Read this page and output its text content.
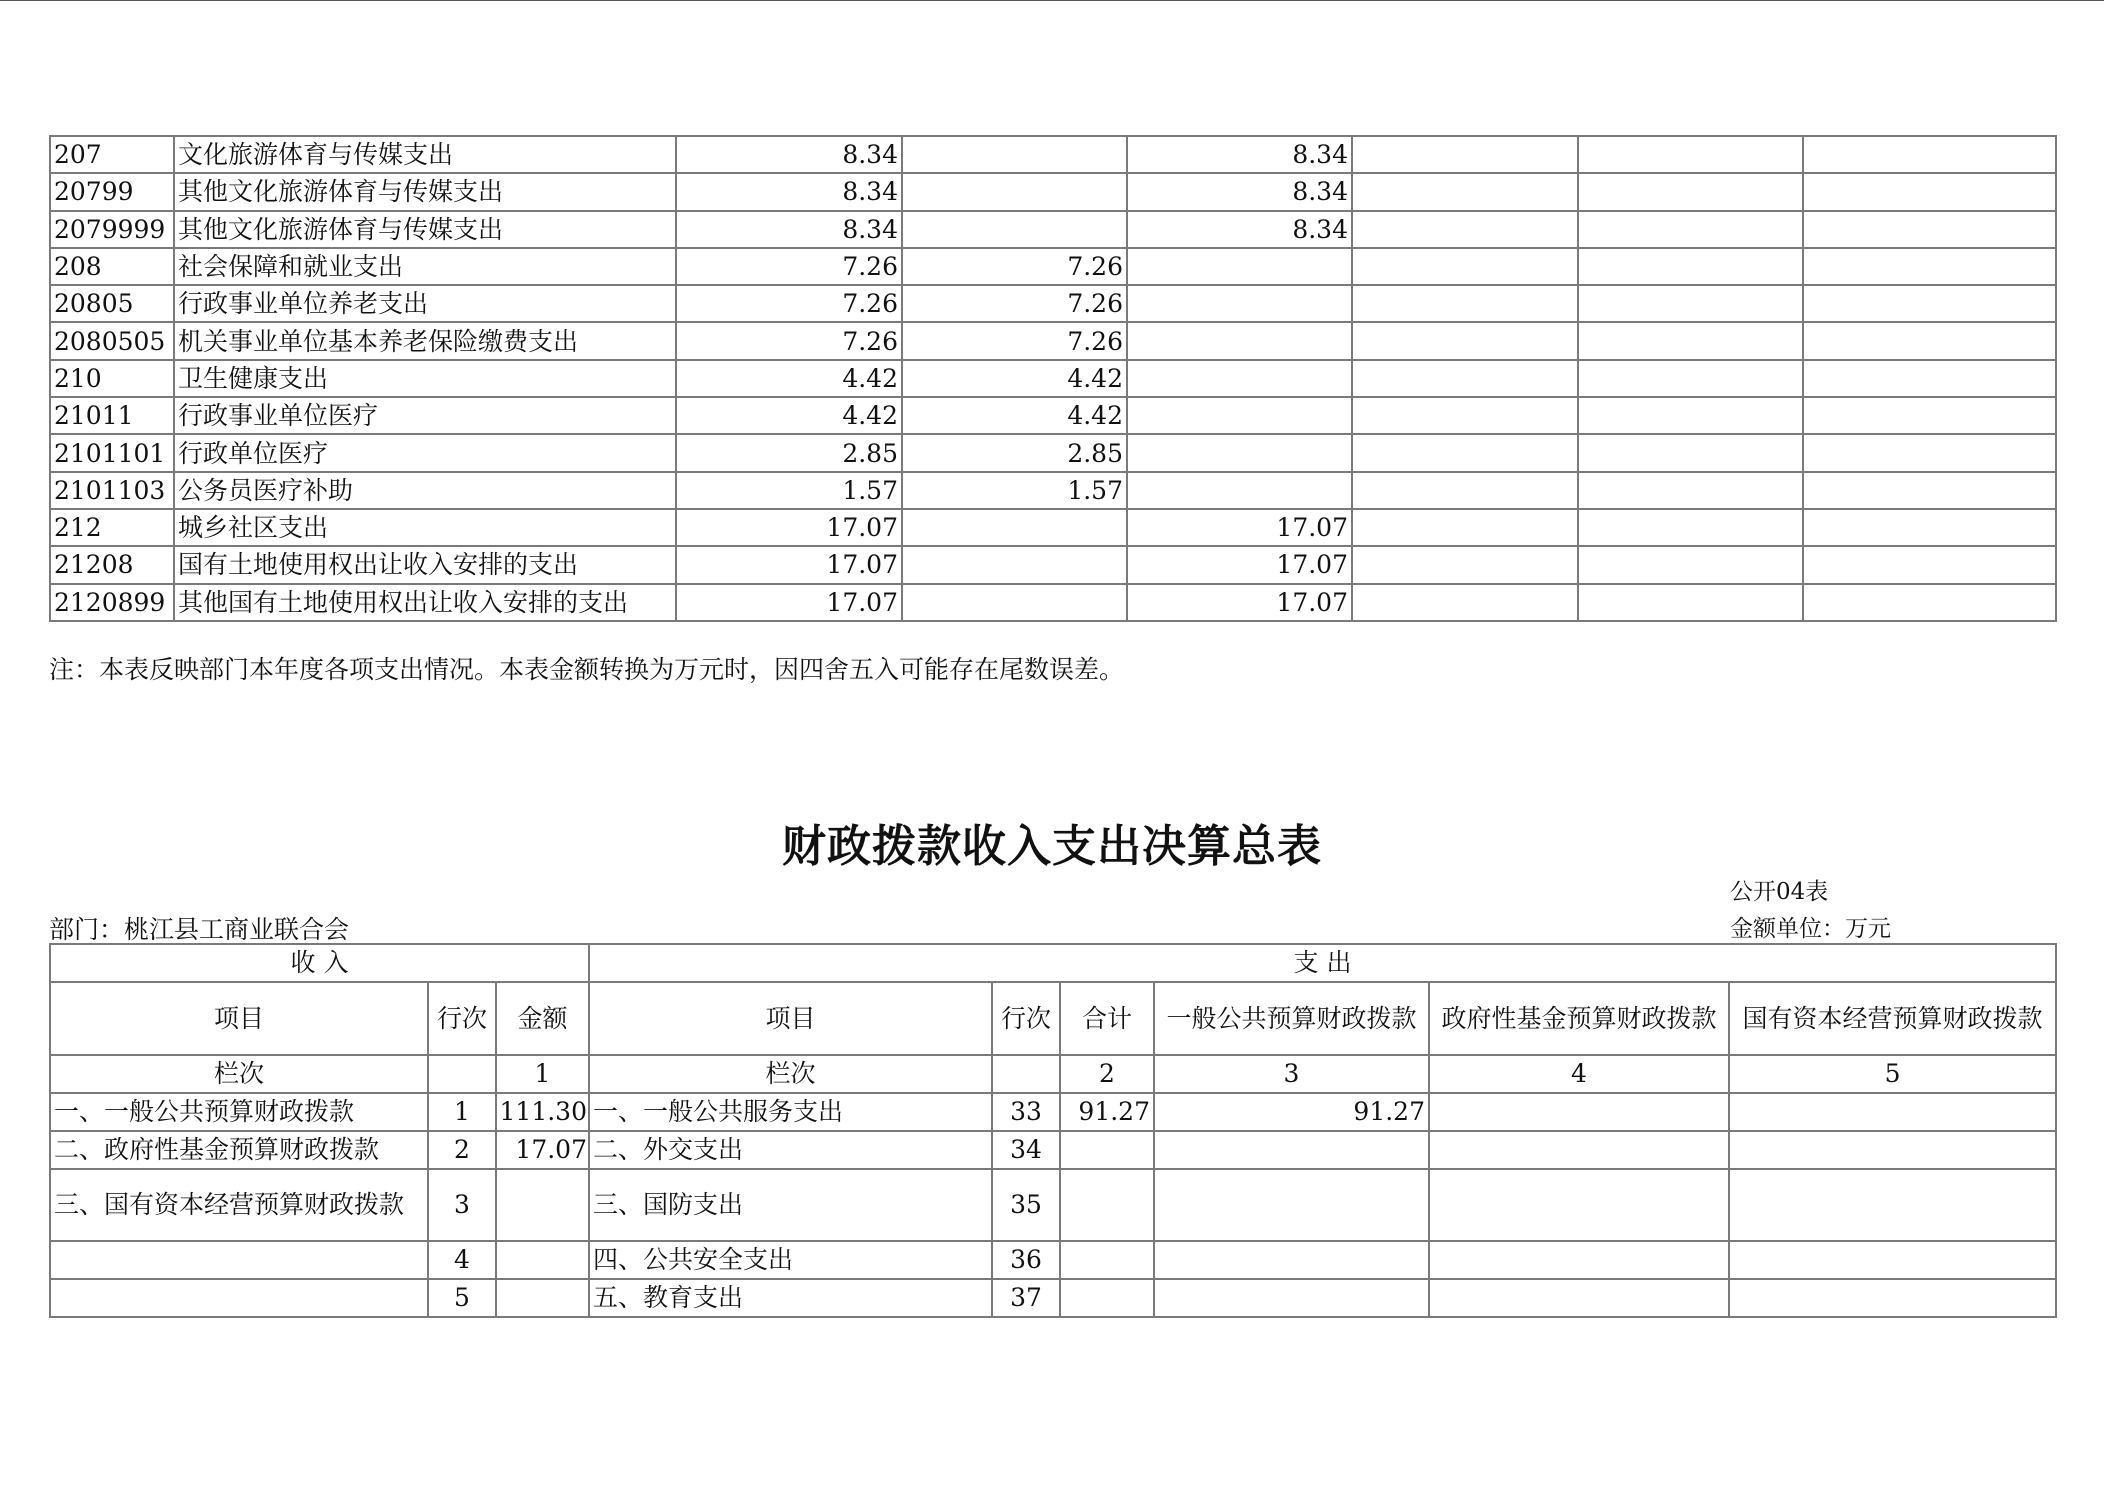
207	文化旅游体育与传媒支出	8.34		8.34			
20799	其他文化旅游体育与传媒支出	8.34		8.34			
2079999	其他文化旅游体育与传媒支出	8.34		8.34			
208	社会保障和就业支出	7.26	7.26				
20805	行政事业单位养老支出	7.26	7.26				
2080505	机关事业单位基本养老保险缴费支出	7.26	7.26				
210	卫生健康支出	4.42	4.42				
21011	行政事业单位医疗	4.42	4.42				
2101101	行政单位医疗	2.85	2.85				
2101103	公务员医疗补助	1.57	1.57				
212	城乡社区支出	17.07		17.07			
21208	国有土地使用权出让收入安排的支出	17.07		17.07			
2120899	其他国有土地使用权出让收入安排的支出	17.07		17.07			
注：本表反映部门本年度各项支出情况。本表金额转换为万元时，因四舍五入可能存在尾数误差。
财政拨款收入支出决算总表
公开04表
部门：桃江县工商业联合会	金额单位：万元
收 入			支 出					
项目	行次	金额	项目	行次	合计	一般公共预算财政拨款	政府性基金预算财政拨款	国有资本经营预算财政拨款
栏次		1	栏次		2	3	4	5
一、一般公共预算财政拨款	1	111.30	一、一般公共服务支出	33	91.27	91.27		
二、政府性基金预算财政拨款	2	17.07	二、外交支出	34				
三、国有资本经营预算财政拨款	3		三、国防支出	35				
	4		四、公共安全支出	36				
	5		五、教育支出	37				
